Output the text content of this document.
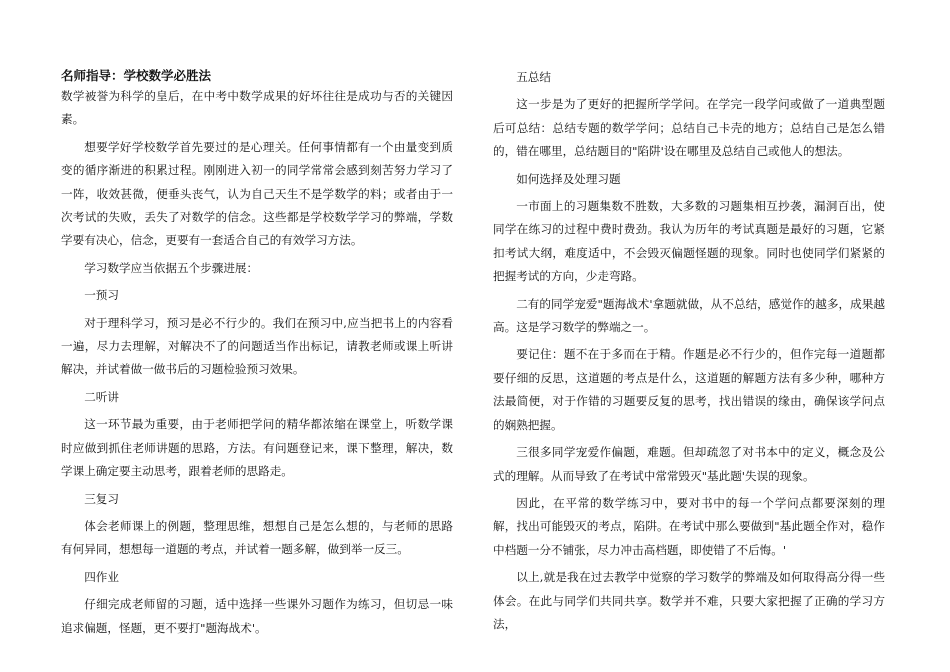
名师指导：学校数学必胜法

数学被誉为科学的皇后，在中考中数学成果的好坏往往是成功与否的关键因素。

想要学好学校数学首先要过的是心理关。任何事情都有一个由量变到质变的循序渐进的积累过程。刚刚进入初一的同学常常会感到刻苦努力学习了一阵，收效甚微，便垂头丧气，认为自己天生不是学数学的料；或者由于一次考试的失败，丢失了对数学的信念。这些都是学校数学学习的弊端，学数学要有决心，信念，更要有一套适合自己的有效学习方法。

学习数学应当依据五个步骤进展：

一预习

对于理科学习，预习是必不行少的。我们在预习中,应当把书上的内容看一遍，尽力去理解，对解决不了的问题适当作出标记，请教老师或课上听讲解决，并试着做一做书后的习题检验预习效果。

二听讲

这一环节最为重要，由于老师把学问的精华都浓缩在课堂上，听数学课时应做到抓住老师讲题的思路，方法。有问题登记来，课下整理，解决，数学课上确定要主动思考，跟着老师的思路走。

三复习

体会老师课上的例题，整理思维，想想自己是怎么想的，与老师的思路有何异同，想想每一道题的考点，并试着一题多解，做到举一反三。

四作业

仔细完成老师留的习题，适中选择一些课外习题作为练习，但切忌一味追求偏题，怪题，更不要打"题海战术'。

五总结

这一步是为了更好的把握所学学问。在学完一段学问或做了一道典型题后可总结：总结专题的数学学问；总结自己卡壳的地方；总结自己是怎么错的，错在哪里，总结题目的"陷阱'设在哪里及总结自己或他人的想法。

如何选择及处理习题

一市面上的习题集数不胜数，大多数的习题集相互抄袭，漏洞百出，使同学在练习的过程中费时费劲。我认为历年的考试真题是最好的习题，它紧扣考试大纲，难度适中，不会毁灭偏题怪题的现象。同时也使同学们紧紧的把握考试的方向，少走弯路。

二有的同学宠爱"题海战术'拿题就做，从不总结，感觉作的越多，成果越高。这是学习数学的弊端之一。

要记住：题不在于多而在于精。作题是必不行少的，但作完每一道题都要仔细的反思，这道题的考点是什么，这道题的解题方法有多少种，哪种方法最简便，对于作错的习题要反复的思考，找出错误的缘由，确保该学问点的娴熟把握。

三很多同学宠爱作偏题，难题。但却疏忽了对书本中的定义，概念及公式的理解。从而导致了在考试中常常毁灭"基此题'失误的现象。

因此，在平常的数学练习中，要对书中的每一个学问点都要深刻的理解，找出可能毁灭的考点，陷阱。在考试中那么要做到"基此题全作对，稳作中档题一分不铺张，尽力冲击高档题，即使错了不后悔。'

以上,就是我在过去教学中觉察的学习数学的弊端及如何取得高分得一些体会。在此与同学们共同共享。数学并不难，只要大家把握了正确的学习方法，
